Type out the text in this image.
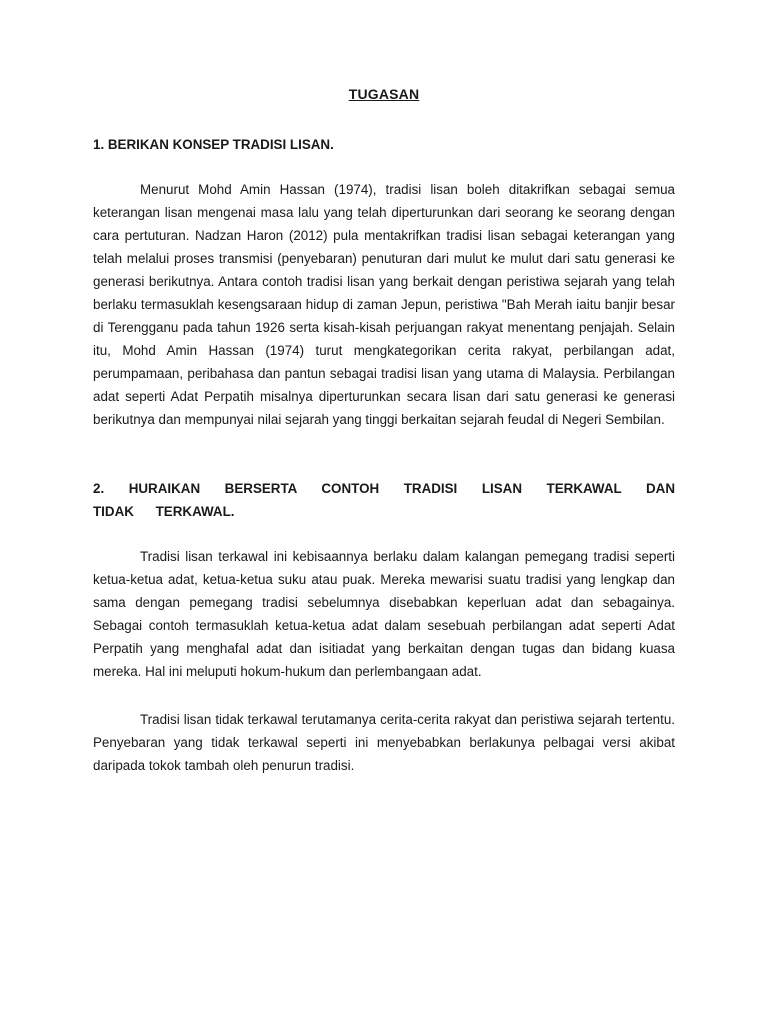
TUGASAN
1. BERIKAN KONSEP TRADISI LISAN.

Menurut Mohd Amin Hassan (1974), tradisi lisan boleh ditakrifkan sebagai semua keterangan lisan mengenai masa lalu yang telah diperturunkan dari seorang ke seorang dengan cara pertuturan. Nadzan Haron (2012) pula mentakrifkan tradisi lisan sebagai keterangan yang telah melalui proses transmisi (penyebaran) penuturan dari mulut ke mulut dari satu generasi ke generasi berikutnya. Antara contoh tradisi lisan yang berkait dengan peristiwa sejarah yang telah berlaku termasuklah kesengsaraan hidup di zaman Jepun, peristiwa "Bah Merah iaitu banjir besar di Terengganu pada tahun 1926 serta kisah-kisah perjuangan rakyat menentang penjajah. Selain itu, Mohd Amin Hassan (1974) turut mengkategorikan cerita rakyat, perbilangan adat, perumpamaan, peribahasa dan pantun sebagai tradisi lisan yang utama di Malaysia. Perbilangan adat seperti Adat Perpatih misalnya diperturunkan secara lisan dari satu generasi ke generasi berikutnya dan mempunyai nilai sejarah yang tinggi berkaitan sejarah feudal di Negeri Sembilan.

2. HURAIKAN BERSERTA CONTOH TRADISI LISAN TERKAWAL DAN TIDAK TERKAWAL.

Tradisi lisan terkawal ini kebisaannya berlaku dalam kalangan pemegang tradisi seperti ketua-ketua adat, ketua-ketua suku atau puak. Mereka mewarisi suatu tradisi yang lengkap dan sama dengan pemegang tradisi sebelumnya disebabkan keperluan adat dan sebagainya. Sebagai contoh termasuklah ketua-ketua adat dalam sesebuah perbilangan adat seperti Adat Perpatih yang menghafal adat dan isitiadat yang berkaitan dengan tugas dan bidang kuasa mereka. Hal ini meluputi hokum-hukum dan perlembangaan adat.

Tradisi lisan tidak terkawal terutamanya cerita-cerita rakyat dan peristiwa sejarah tertentu. Penyebaran yang tidak terkawal seperti ini menyebabkan berlakunya pelbagai versi akibat daripada tokok tambah oleh penurun tradisi.
